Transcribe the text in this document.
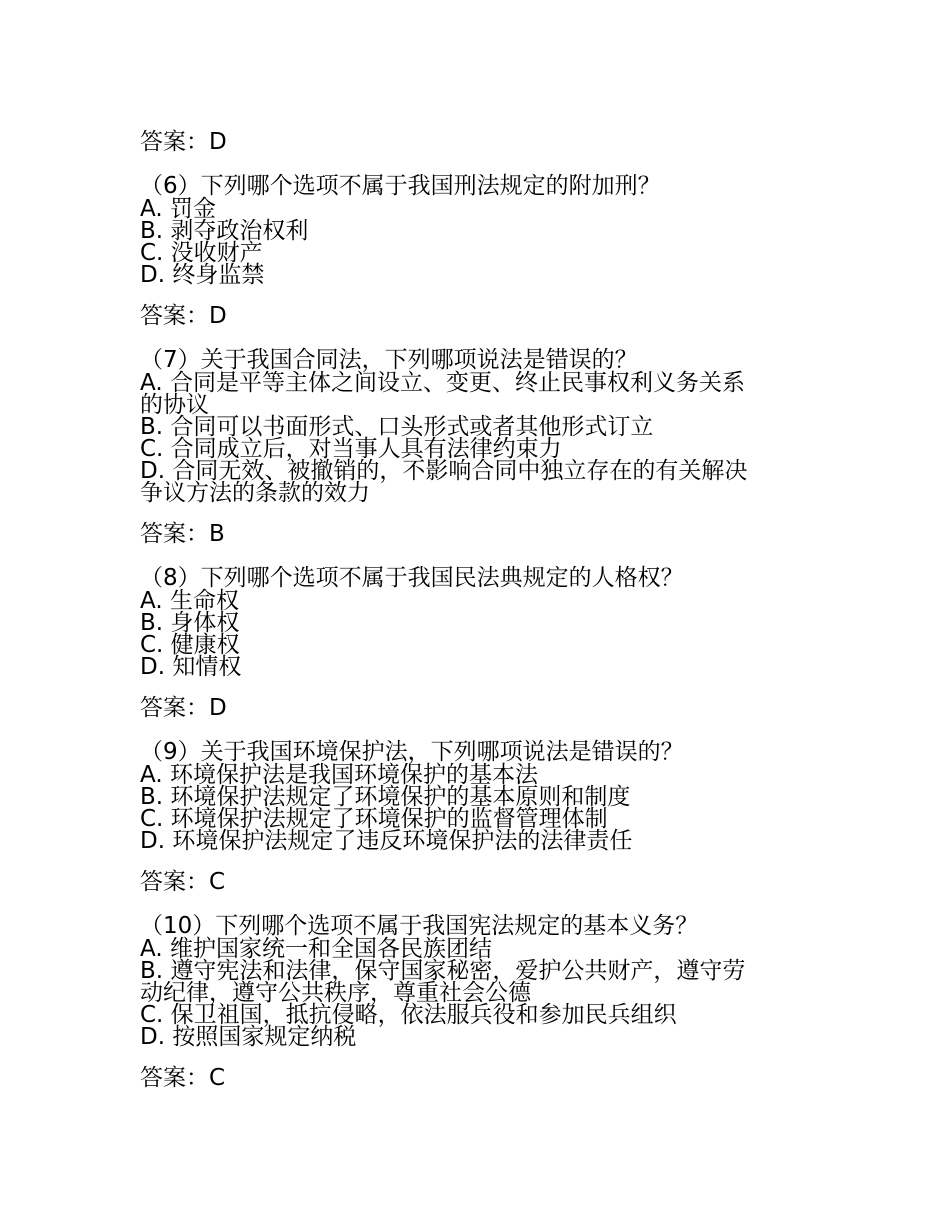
答案：D
（6）下列哪个选项不属于我国刑法规定的附加刑？
A. 罚金
B. 剥夺政治权利
C. 没收财产
D. 终身监禁
答案：D
（7）关于我国合同法，下列哪项说法是错误的？
A. 合同是平等主体之间设立、变更、终止民事权利义务关系
的协议
B. 合同可以书面形式、口头形式或者其他形式订立
C. 合同成立后，对当事人具有法律约束力
D. 合同无效、被撤销的，不影响合同中独立存在的有关解决
争议方法的条款的效力
答案：B
（8）下列哪个选项不属于我国民法典规定的人格权？
A. 生命权
B. 身体权
C. 健康权
D. 知情权
答案：D
（9）关于我国环境保护法，下列哪项说法是错误的？
A. 环境保护法是我国环境保护的基本法
B. 环境保护法规定了环境保护的基本原则和制度
C. 环境保护法规定了环境保护的监督管理体制
D. 环境保护法规定了违反环境保护法的法律责任
答案：C
（10）下列哪个选项不属于我国宪法规定的基本义务？
A. 维护国家统一和全国各民族团结
B. 遵守宪法和法律，保守国家秘密，爱护公共财产，遵守劳
动纪律，遵守公共秩序，尊重社会公德
C. 保卫祖国，抵抗侵略，依法服兵役和参加民兵组织
D. 按照国家规定纳税
答案：C
